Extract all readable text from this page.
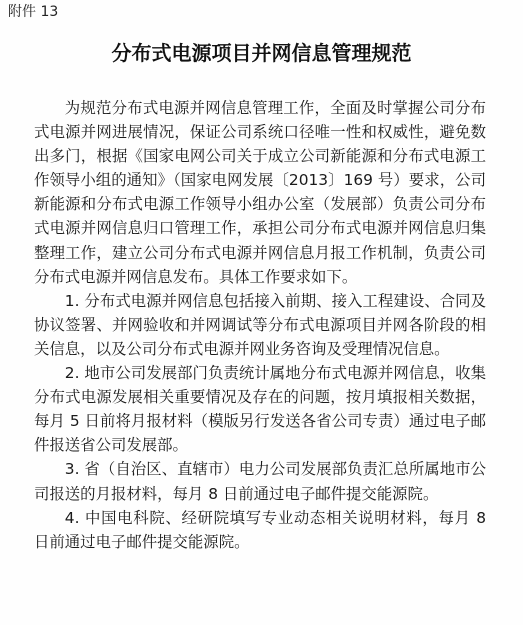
附件 13
分布式电源项目并网信息管理规范

为规范分布式电源并网信息管理工作，全面及时掌握公司分布式电源并网进展情况，保证公司系统口径唯一性和权威性，避免数出多门，根据《国家电网公司关于成立公司新能源和分布式电源工作领导小组的通知》（国家电网发展〔2013〕169 号）要求，公司新能源和分布式电源工作领导小组办公室（发展部）负责公司分布式电源并网信息归口管理工作，承担公司分布式电源并网信息归集整理工作，建立公司分布式电源并网信息月报工作机制，负责公司分布式电源并网信息发布。具体工作要求如下。

1. 分布式电源并网信息包括接入前期、接入工程建设、合同及协议签署、并网验收和并网调试等分布式电源项目并网各阶段的相关信息，以及公司分布式电源并网业务咨询及受理情况信息。

2. 地市公司发展部门负责统计属地分布式电源并网信息，收集分布式电源发展相关重要情况及存在的问题，按月填报相关数据，每月 5 日前将月报材料（模版另行发送各省公司专责）通过电子邮件报送省公司发展部。

3. 省（自治区、直辖市）电力公司发展部负责汇总所属地市公司报送的月报材料，每月 8 日前通过电子邮件提交能源院。

4. 中国电科院、经研院填写专业动态相关说明材料，每月 8 日前通过电子邮件提交能源院。
